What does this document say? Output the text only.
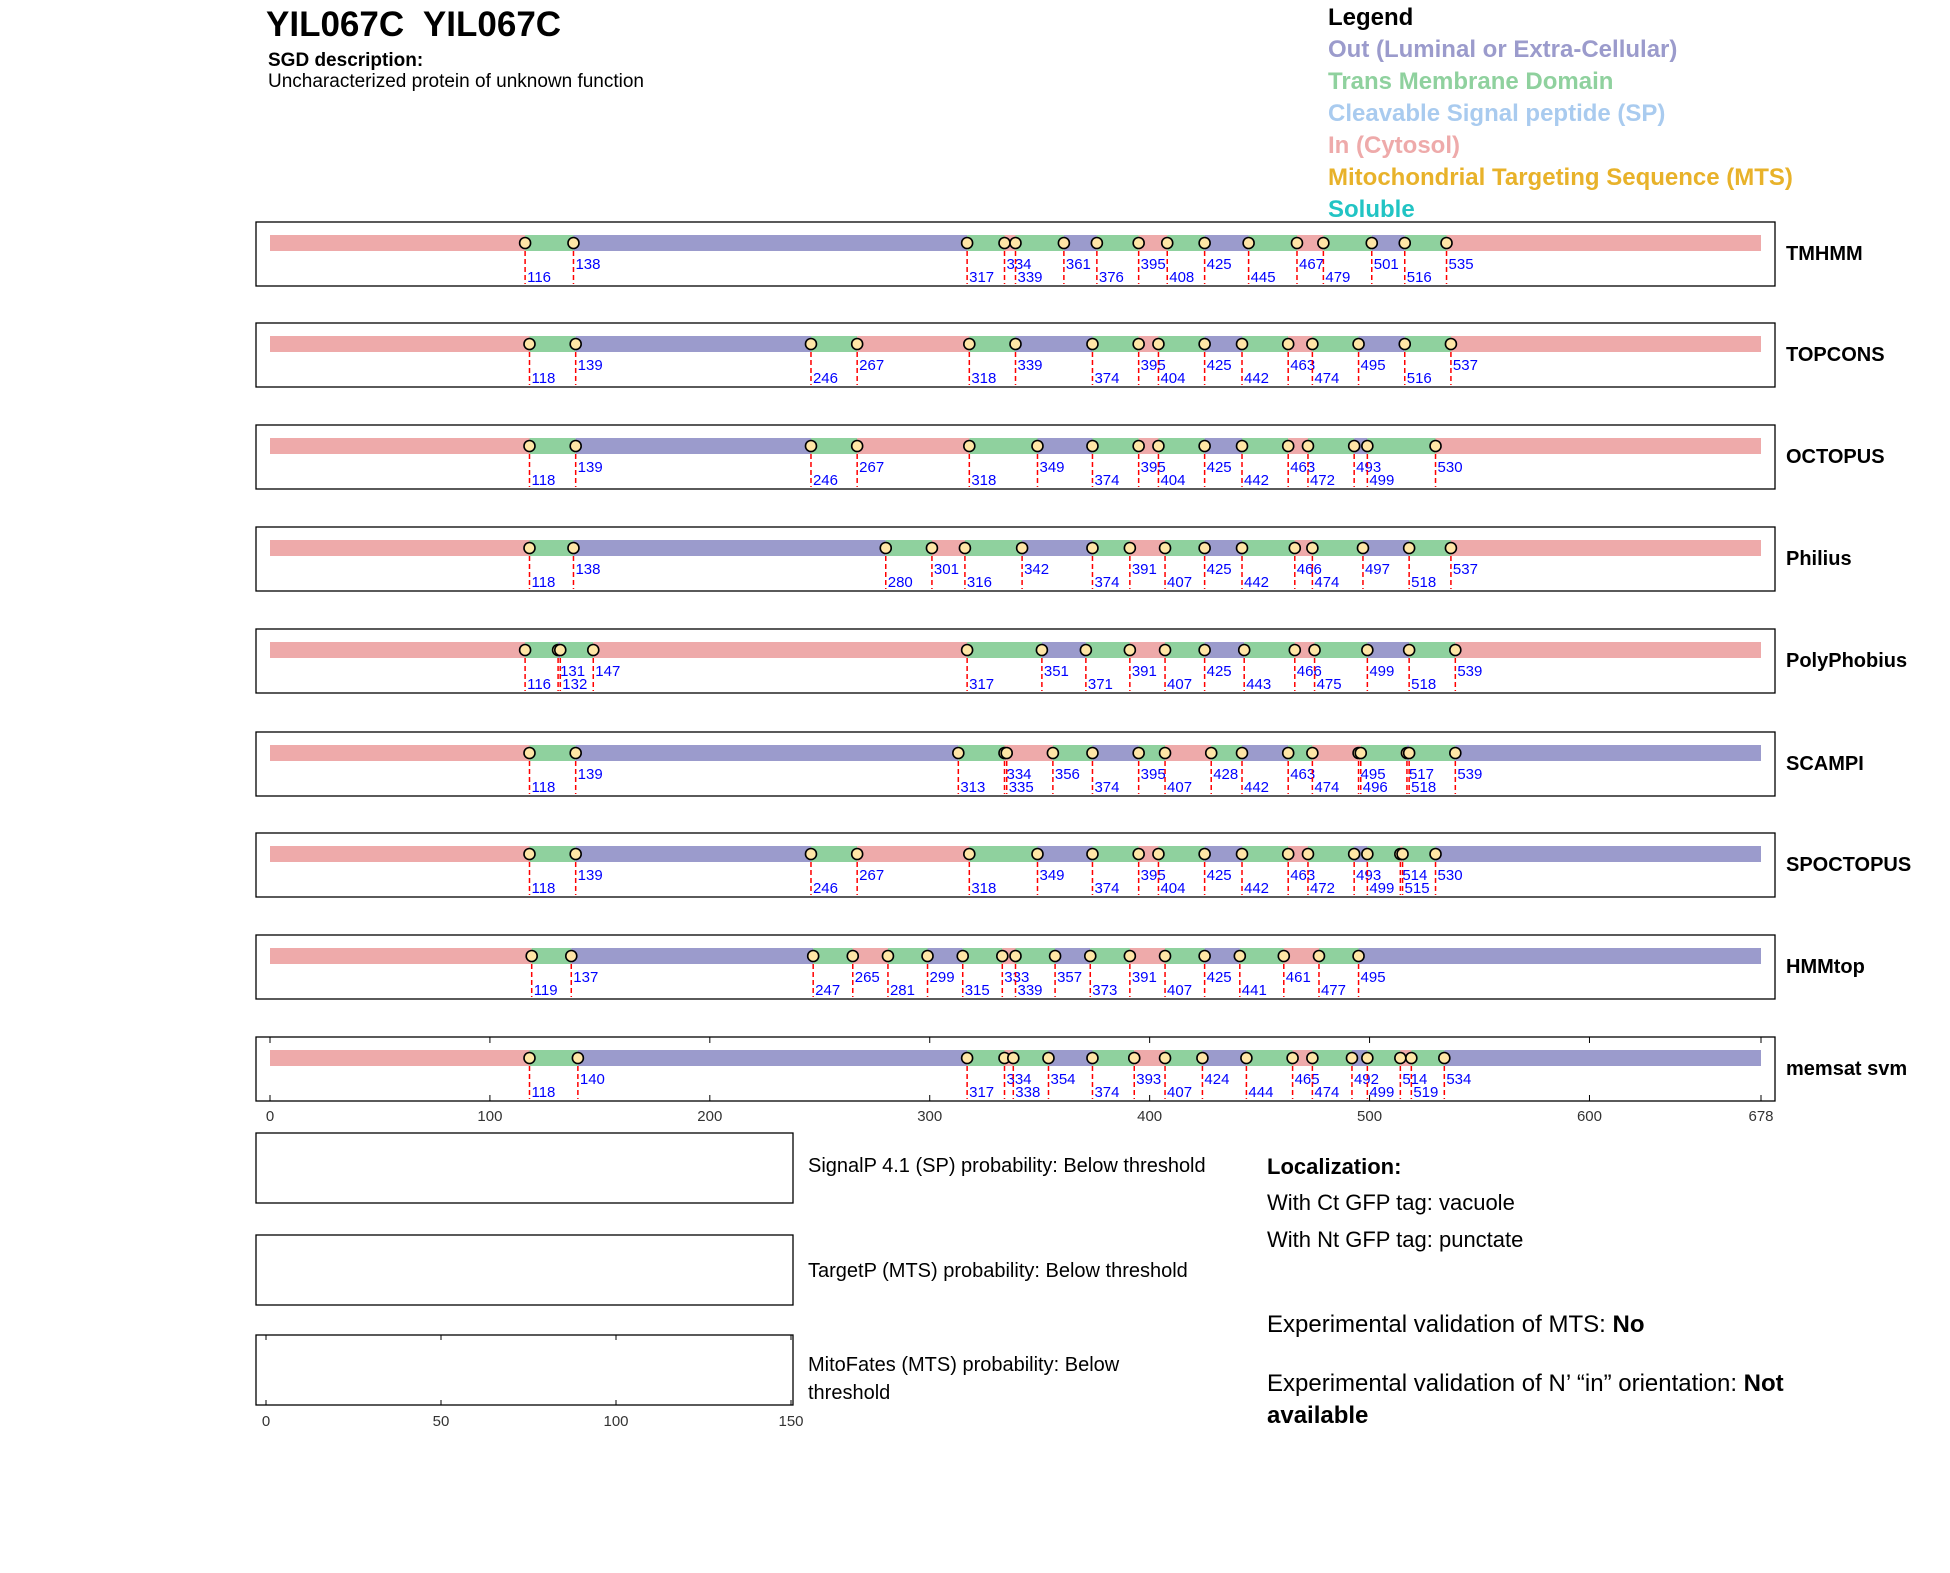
YIL067C  YIL067C
SGD description:
Uncharacterized protein of unknown function
Legend
Out (Luminal or Extra-Cellular)
Trans Membrane Domain
Cleavable Signal peptide (SP)
In (Cytosol)
Mitochondrial Targeting Sequence (MTS)
Soluble
116
138
317
334
339
361
376
395
408
425
445
467
479
501
516
535	TMHMM
118
139
246
267
318
339
374
395
404
425
442
463
474
495
516
537	TOPCONS
118
139
246
267
318
349
374
395
404
425
442
463
472
493
499
530	OCTOPUS
118
138
280
301
316
342
374
391
407
425
442
466
474
497
518
537	Philius
116
131
132
147
317
351
371
391
407
425
443
466
475
499
518
539	PolyPhobius
118
139
313
334
335
356
374
395
407
428
442
463
474
495
496
517
518
539	SCAMPI
118
139
246
267
318
349
374
395
404
425
442
463
472
493
499
514
515
530	SPOCTOPUS
119
137
247
265
281
299
315
333
339
357
373
391
407
425
441
461
477
495	HMMtop
118
140
317
334
338
354
374
393
407
424
444
465
474
492
499
514
519
534	memsat svm
0	100	200	300	400	500	600	678
0	50	100	150
SignalP 4.1 (SP) probability: Below threshold
TargetP (MTS) probability: Below threshold
MitoFates (MTS) probability: Below
threshold
Localization:
With Ct GFP tag: vacuole
With Nt GFP tag: punctate
Experimental validation of MTS: No
Experimental validation of N’ “in” orientation: Not
available
